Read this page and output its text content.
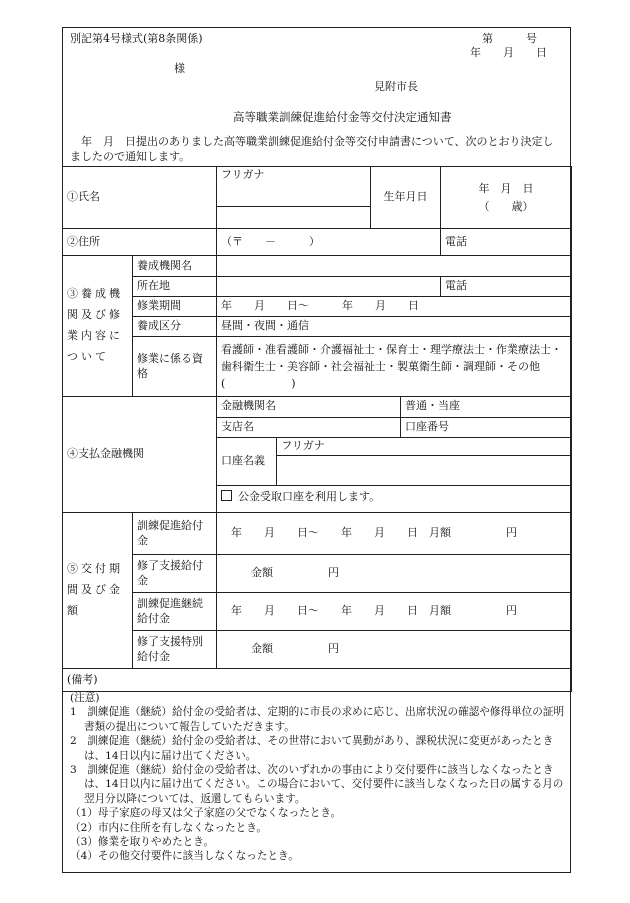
別記第4号様式(第8条関係)	第　　　号
年　　月　　日
様
見附市長
高等職業訓練促進給付金等交付決定通知書
　年　月　日提出のありました高等職業訓練促進給付金等交付申請書について、次のとおり決定しましたので通知します。
①氏名	フリガナ	生年月日	
年　月　日
（　　歳）

②住所	（〒　　－　　　）	電話
③養成機関及び修業内容について	養成機関名	
所在地		電話
修業期間	年　　月　　日～　　　年　　月　　日
養成区分	昼間・夜間・通信
修業に係る資格	看護師・准看護師・介護福祉士・保育士・理学療法士・作業療法士・歯科衛生士・美容師・社会福祉士・製菓衛生師・調理師・その他(　　　　　　)

④支払金融機関	
金融機関名	普通・当座
支店名	口座番号
口座名義	フリガナ

公金受取口座を利用します。

⑤交付期間及び金額	訓練促進給付金	年　　月　　日～　　年　　月　　日　月額　　　　　円
修了支援給付金	金額　　　　　円
訓練促進継続給付金	年　　月　　日～　　年　　月　　日　月額　　　　　円
修了支援特別給付金	金額　　　　　円
(備考)
(注意)
1　訓練促進（継続）給付金の受給者は、定期的に市長の求めに応じ、出席状況の確認や修得単位の証明書類の提出について報告していただきます。
2　訓練促進（継続）給付金の受給者は、その世帯において異動があり、課税状況に変更があったときは、14日以内に届け出てください。
3　訓練促進（継続）給付金の受給者は、次のいずれかの事由により交付要件に該当しなくなったときは、14日以内に届け出てください。この場合において、交付要件に該当しなくなった日の属する月の翌月分以降については、返還してもらいます。
（1）母子家庭の母又は父子家庭の父でなくなったとき。
（2）市内に住所を有しなくなったとき。
（3）修業を取りやめたとき。
（4）その他交付要件に該当しなくなったとき。
